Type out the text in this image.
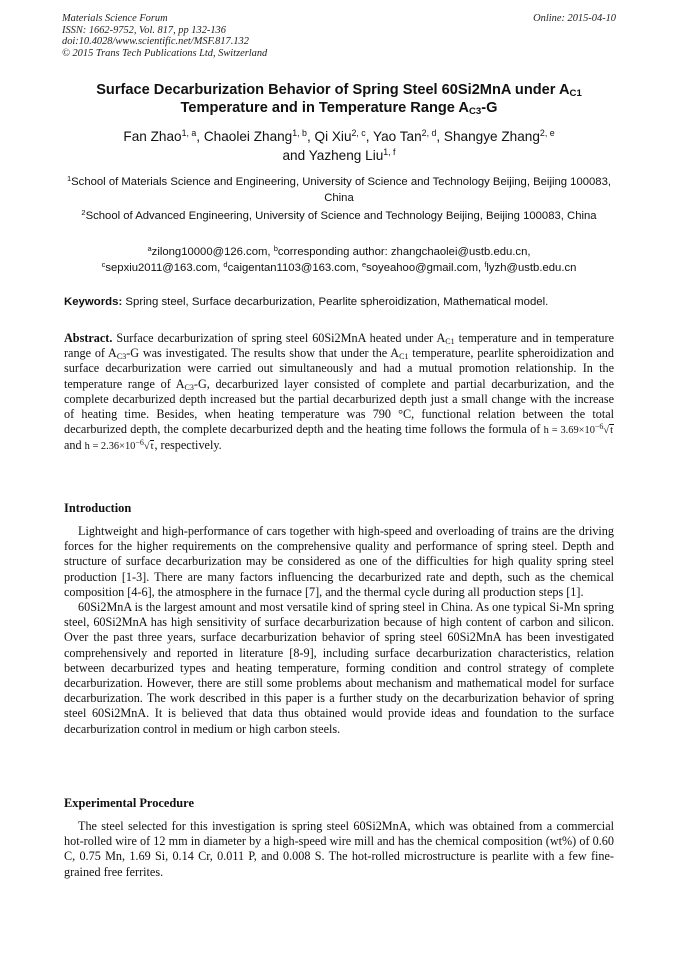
Materials Science Forum
ISSN: 1662-9752, Vol. 817, pp 132-136
doi:10.4028/www.scientific.net/MSF.817.132
© 2015 Trans Tech Publications Ltd, Switzerland
Online: 2015-04-10
Surface Decarburization Behavior of Spring Steel 60Si2MnA under $A_{C1}$
Temperature and in Temperature Range $A_{C3}-G$
Fan Zhao$^{1, a}$, Chaolei Zhang$^{1, b}$, Qi Xiu$^{2, c}$, Yao Tan$^{2, d}$, Shangye Zhang$^{2, e}$
and Yazheng Liu$^{1, f}$
$^1$School of Materials Science and Engineering, University of Science and Technology Beijing, Beijing 100083, China
$^2$School of Advanced Engineering, University of Science and Technology Beijing, Beijing 100083, China
$^a$zilong10000@126.com, $^b$corresponding author: zhangchaolei@ustb.edu.cn,
$^c$sepxiu2011@163.com, $^d$caigentan1103@163.com, $^e$soyeahoo@gmail.com, $^f$lyzh@ustb.edu.cn
Keywords: Spring steel, Surface decarburization, Pearlite spheroidization, Mathematical model.

Abstract. Surface decarburization of spring steel 60Si2MnA heated under $A_{C1}$ temperature and in temperature range of $A_{C3}-G$ was investigated. The results show that under the $A_{C1}$ temperature, pearlite spheroidization and surface decarburization were carried out simultaneously and had a mutual promotion relationship. In the temperature range of $A_{C3}-G$, decarburized layer consisted of complete and partial decarburization, and the complete decarburized depth increased but the partial decarburized depth just a small change with the increase of heating time. Besides, when heating temperature was 790 °C, functional relation between the total decarburized depth, the complete decarburized depth and the heating time follows the formula of $h = 3.69\times 10^{-6}√t$ and $h = 2.36\times 10^{-6}√t$, respectively.

Introduction

Lightweight and high-performance of cars together with high-speed and overloading of trains are the driving forces for the higher requirements on the comprehensive quality and performance of spring steel. Depth and structure of surface decarburization may be considered as one of the difficulties for high quality spring steel production [1-3]. There are many factors influencing the decarburized rate and depth, such as the chemical composition [4-6], the atmosphere in the furnace [7], and the thermal cycle during all production steps [1].

60Si2MnA is the largest amount and most versatile kind of spring steel in China. As one typical Si-Mn spring steel, 60Si2MnA has high sensitivity of surface decarburization because of high content of carbon and silicon. Over the past three years, surface decarburization behavior of spring steel 60Si2MnA has been investigated comprehensively and reported in literature [8-9], including surface decarburization characteristics, relation between decarburized types and heating temperature, forming condition and control strategy of complete decarburization. However, there are still some problems about mechanism and mathematical model for surface decarburization. The work described in this paper is a further study on the decarburization behavior of spring steel 60Si2MnA. It is believed that data thus obtained would provide ideas and foundation to the surface decarburization control in medium or high carbon steels.

Experimental Procedure

The steel selected for this investigation is spring steel 60Si2MnA, which was obtained from a commercial hot-rolled wire of 12 mm in diameter by a high-speed wire mill and has the chemical composition (wt%) of 0.60 C, 0.75 Mn, 1.69 Si, 0.14 Cr, 0.011 P, and 0.008 S. The hot-rolled microstructure is pearlite with a few fine-grained free ferrites.
